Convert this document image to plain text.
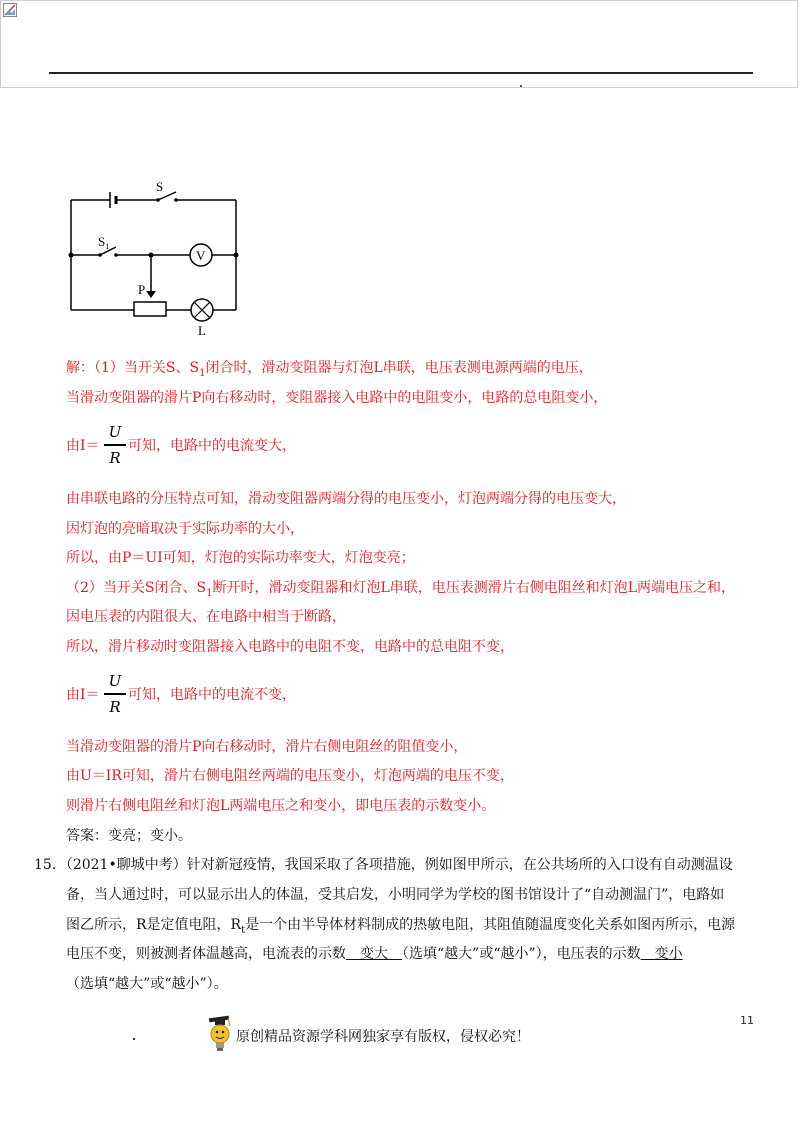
S
$S_1$
V
P
L
解：（1）当开关S、$S_1$闭合时，滑动变阻器与灯泡L串联，电压表测电源两端的电压，
当滑动变阻器的滑片P向右移动时，变阻器接入电路中的电阻变小，电路的总电阻变小，
由I＝
U
R
可知，电路中的电流变大，
由串联电路的分压特点可知，滑动变阻器两端分得的电压变小，灯泡两端分得的电压变大，
因灯泡的亮暗取决于实际功率的大小，
所以，由P＝UI可知，灯泡的实际功率变大，灯泡变亮；
（2）当开关S闭合、$S_1$断开时，滑动变阻器和灯泡L串联，电压表测滑片右侧电阻丝和灯泡L两端电压之和，
因电压表的内阻很大、在电路中相当于断路，
所以，滑片移动时变阻器接入电路中的电阻不变，电路中的总电阻不变，
由I＝
U
R
可知，电路中的电流不变，
当滑动变阻器的滑片P向右移动时，滑片右侧电阻丝的阻值变小，
由U＝IR可知，滑片右侧电阻丝两端的电压变小，灯泡两端的电压不变，
则滑片右侧电阻丝和灯泡L两端电压之和变小，即电压表的示数变小。
答案：变亮；变小。
15．（2021•聊城中考）针对新冠疫情，我国采取了各项措施，例如图甲所示，在公共场所的入口设有自动测温设
备，当人通过时，可以显示出人的体温，受其启发，小明同学为学校的图书馆设计了“自动测温门”，电路如
图乙所示，R是定值电阻，$R_t$是一个由半导体材料制成的热敏电阻，其阻值随温度变化关系如图丙所示，电源
电压不变，则被测者体温越高，电流表的示数　变大　（选填“越大”或“越小”），电压表的示数　变小
（选填“越大”或“越小”）。
11
原创精品资源学科网独家享有版权，侵权必究！
